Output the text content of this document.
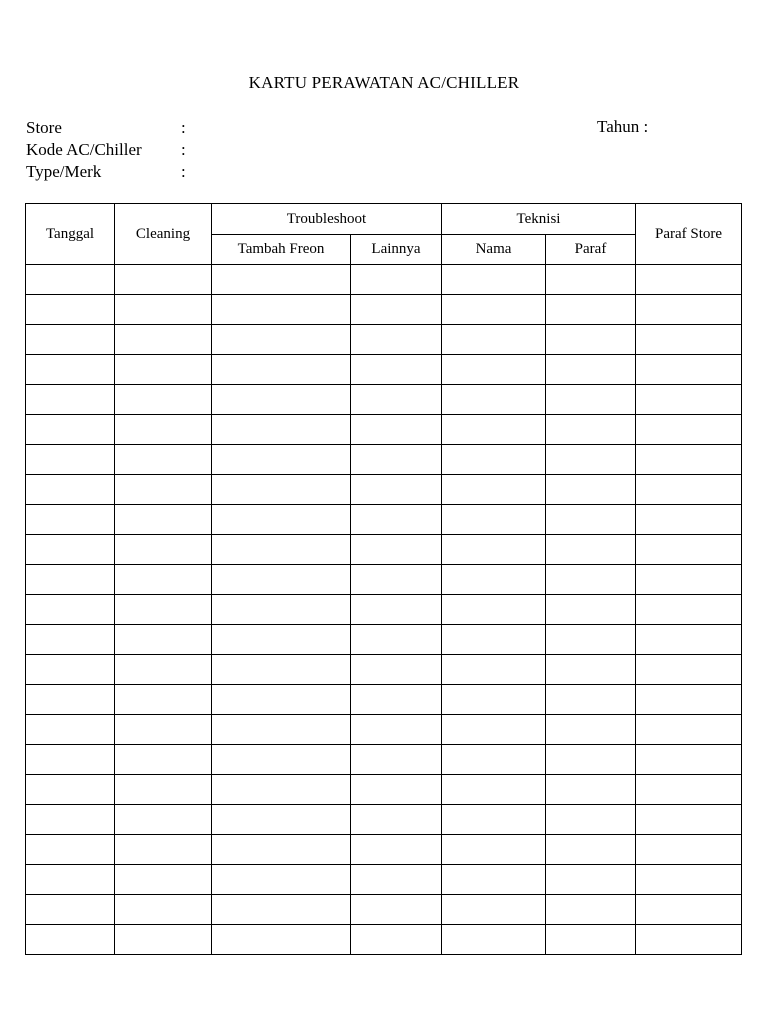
KARTU PERAWATAN AC/CHILLER
Store	:
Kode AC/Chiller :
Type/Merk	:
Tahun :
Tanggal	Cleaning	Troubleshoot		Teknisi		Paraf Store
		Tambah Freon	Lainnya	Nama	Paraf	
